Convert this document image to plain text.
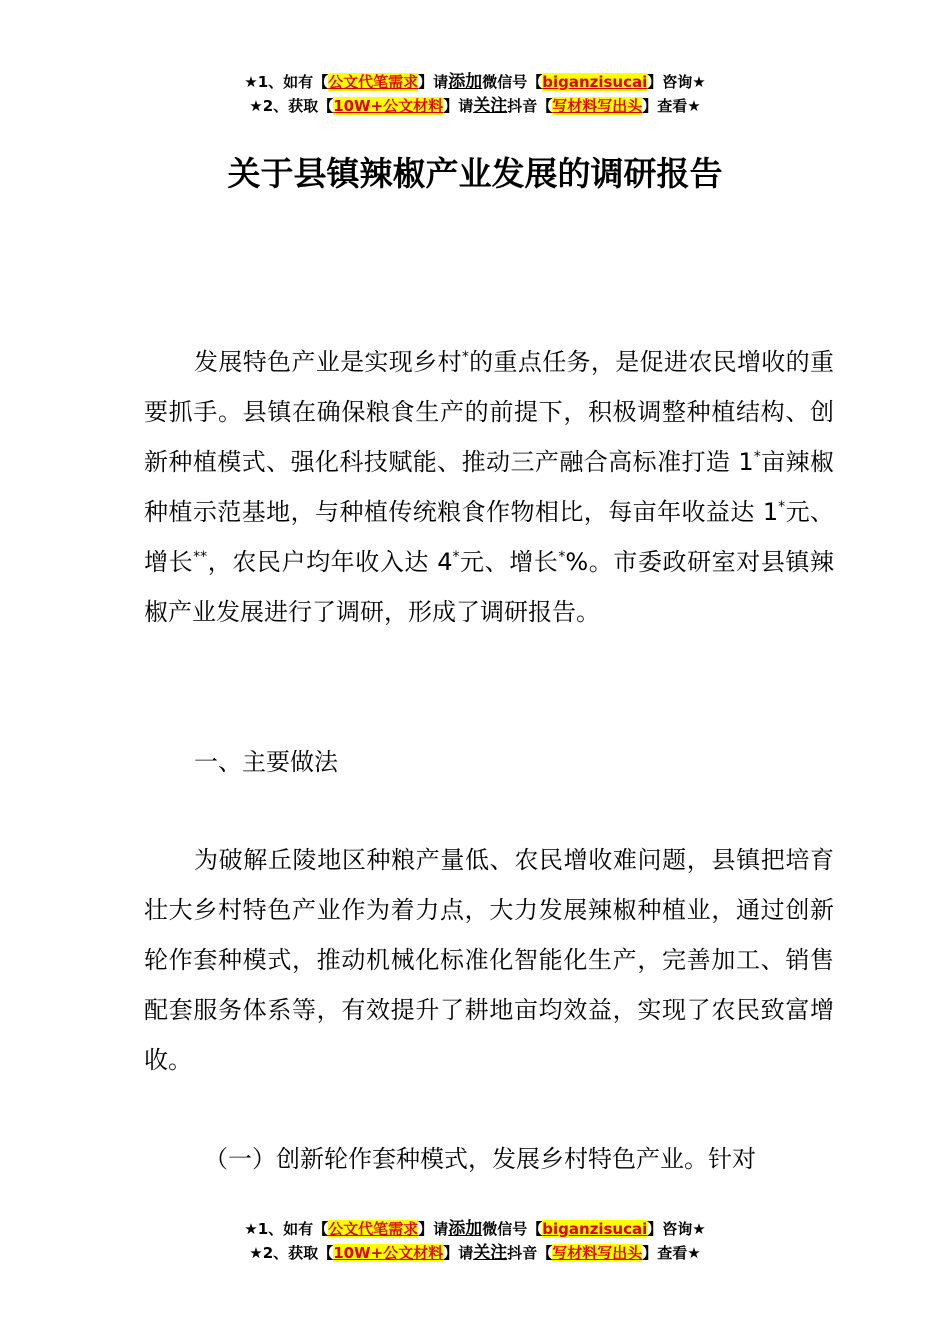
★1、如有【公文代笔需求】请添加微信号【biganzisucai】咨询★
★2、获取【10W+公文材料】请关注抖音【写材料写出头】查看★
关于县镇辣椒产业发展的调研报告

发展特色产业是实现乡村*的重点任务，是促进农民增收的重要抓手。县镇在确保粮食生产的前提下，积极调整种植结构、创新种植模式、强化科技赋能、推动三产融合高标准打造 1*亩辣椒种植示范基地，与种植传统粮食作物相比，每亩年收益达 1*元、增长**，农民户均年收入达 4*元、增长*%。市委政研室对县镇辣椒产业发展进行了调研，形成了调研报告。

一、主要做法

为破解丘陵地区种粮产量低、农民增收难问题，县镇把培育壮大乡村特色产业作为着力点，大力发展辣椒种植业，通过创新轮作套种模式，推动机械化标准化智能化生产，完善加工、销售配套服务体系等，有效提升了耕地亩均效益，实现了农民致富增收。

（一）创新轮作套种模式，发展乡村特色产业。针对

★1、如有【公文代笔需求】请添加微信号【biganzisucai】咨询★
★2、获取【10W+公文材料】请关注抖音【写材料写出头】查看★
